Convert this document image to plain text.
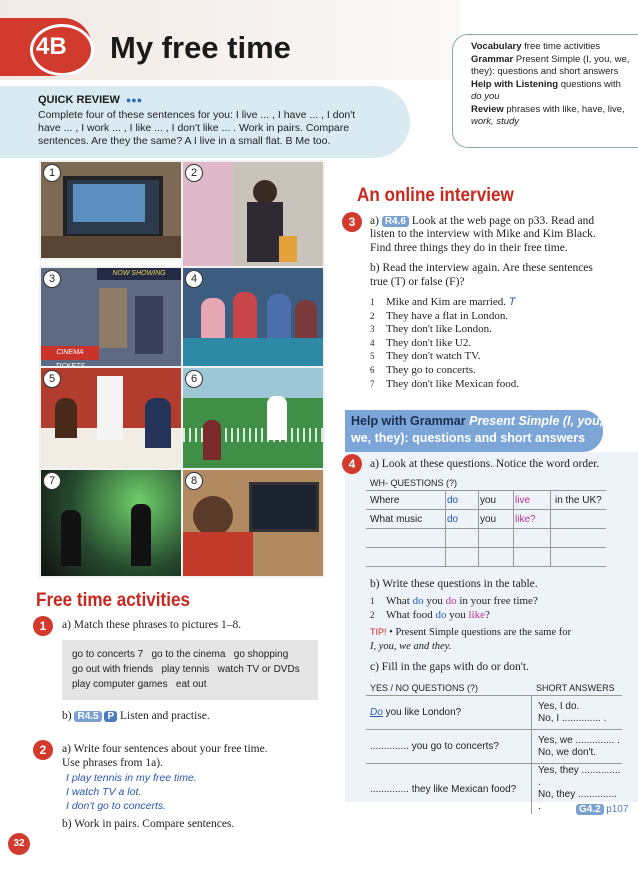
4B My free time
QUICK REVIEW ●●●
Complete four of these sentences for you: I live ... , I have ... , I don't
have ... , I work ... , I like ... , I don't like ... . Work in pairs. Compare
sentences. Are they the same? A I live in a small flat. B Me too.
Vocabulary free time activities
Grammar Present Simple (I, you, we,
they): questions and short answers
Help with Listening questions with
do you
Review phrases with like, have, live,
work, study
1	2
NOW SHOWING
CINEMA
3	4
5	6
7	8
Free time activities
1	a) Match these phrases to pictures 1–8.
go to concerts 7   go to the cinema   go shopping
go out with friends   play tennis   watch TV or DVDs
play computer games   eat out
b) R4.5 P Listen and practise.
2	a) Write four sentences about your free time.
Use phrases from 1a).
I play tennis in my free time.
I watch TV a lot.
I don't go to concerts.
b) Work in pairs. Compare sentences.
32
An online interview
3	a) R4.6 Look at the web page on p33. Read and
listen to the interview with Mike and Kim Black.
Find three things they do in their free time.
b) Read the interview again. Are these sentences
true (T) or false (F)?
1 Mike and Kim are married. T
2 They have a flat in London.
3 They don't like London.
4 They don't like U2.
5 They don't watch TV.
6 They go to concerts.
7 They don't like Mexican food.
Help with Grammar Present Simple (I, you,
we, they): questions and short answers
4	a) Look at these questions. Notice the word order.
WH- QUESTIONS (?)
Where	do	you	live	in the UK?
What music	do	you	like?	

b) Write these questions in the table.
1 What do you do in your free time?
2 What food do you like?
TIP! • Present Simple questions are the same for
I, you, we and they.
c) Fill in the gaps with do or don't.
YES / NO QUESTIONS (?)	SHORT ANSWERS
Do you like London?	Yes, I do.
No, I .............. .

.............. you go to concerts?	Yes, we .............. .
No, we don't.

.............. they like Mexican food?	Yes, they .............. .
No, they .............. .	G4.2 p107
